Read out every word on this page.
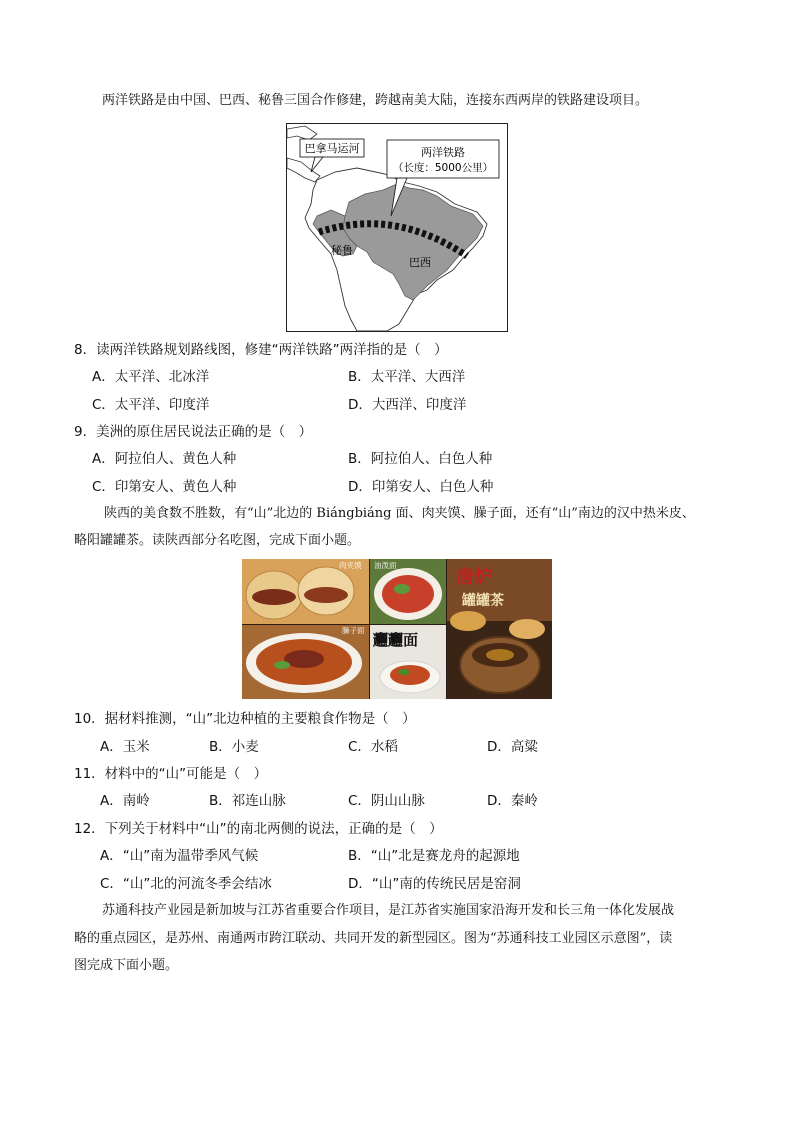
两洋铁路是由中国、巴西、秘鲁三国合作修建，跨越南美大陆，连接东西两岸的铁路建设项目。
巴拿马运河	两洋铁路
（长度：5000公里）
秘鲁
巴西
8．读两洋铁路规划路线图，修建“两洋铁路”两洋指的是（　）
A．太平洋、北冰洋	B．太平洋、大西洋
C．太平洋、印度洋	D．大西洋、印度洋
9．美洲的原住居民说法正确的是（　）
A．阿拉伯人、黄色人种	B．阿拉伯人、白色人种
C．印第安人、黄色人种	D．印第安人、白色人种
陕西的美食数不胜数，有“山”北边的 Biángbiáng 面、肉夹馍、臊子面，还有“山”南边的汉中热米皮、
略阳罐罐茶。读陕西部分名吃图，完成下面小题。
肉夹馍 油泼面
唐炉
罐罐茶
臊子面
𰻝𰻝面
10．据材料推测，“山”北边种植的主要粮食作物是（　）
A．玉米	B．小麦	C．水稻	D．高粱
11．材料中的“山”可能是（　）
A．南岭	B．祁连山脉	C．阴山山脉	D．秦岭
12．下列关于材料中“山”的南北两侧的说法，正确的是（　）
A．“山”南为温带季风气候	B．“山”北是赛龙舟的起源地
C．“山”北的河流冬季会结冰	D．“山”南的传统民居是窑洞
苏通科技产业园是新加坡与江苏省重要合作项目，是江苏省实施国家沿海开发和长三角一体化发展战
略的重点园区，是苏州、南通两市跨江联动、共同开发的新型园区。图为“苏通科技工业园区示意图”，读
图完成下面小题。
